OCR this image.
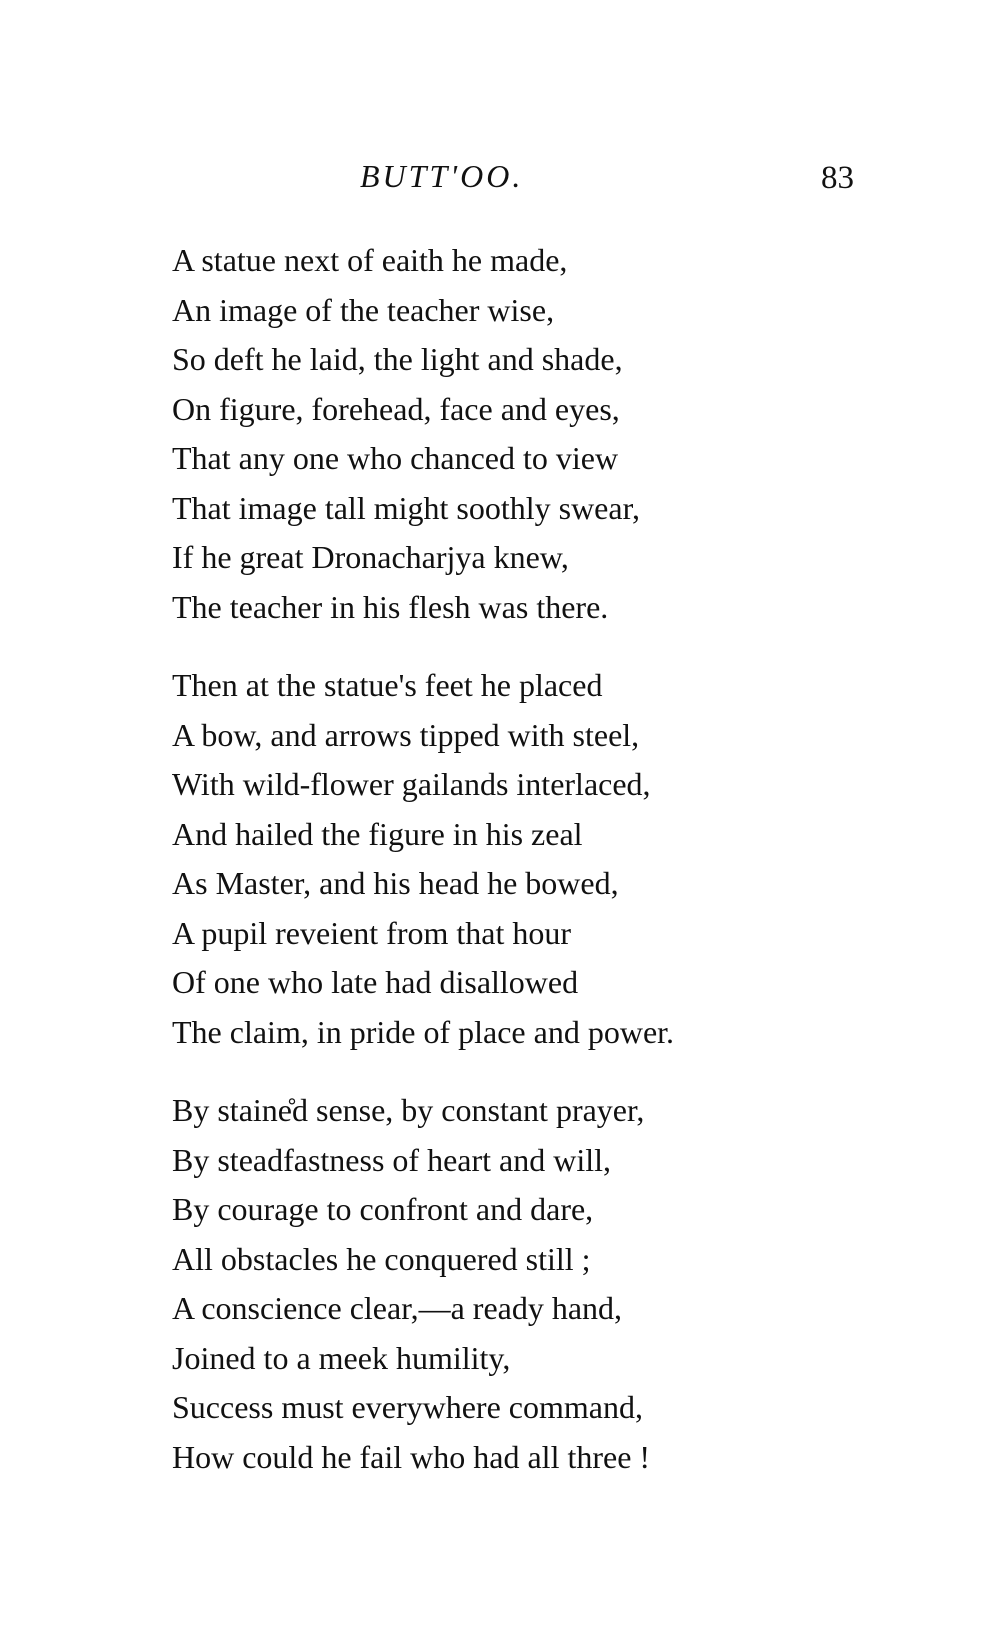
BUTT'OO.	83
A statue next of eaith he made,
An image of the teacher wise,
So deft he laid, the light and shade,
On figure, forehead, face and eyes,
That any one who chanced to view
That image tall might soothly swear,
If he great Dronacharjya knew,
The teacher in his flesh was there.
Then at the statue's feet he placed
A bow, and arrows tipped with steel,
With wild-flower gailands interlaced,
And hailed the figure in his zeal
As Master, and his head he bowed,
A pupil reveient from that hour
Of one who late had disallowed
The claim, in pride of place and power.
By staine̊d sense, by constant prayer,
By steadfastness of heart and will,
By courage to confront and dare,
All obstacles he conquered still ;
A conscience clear,—a ready hand,
Joined to a meek humility,
Success must everywhere command,
How could he fail who had all three !
